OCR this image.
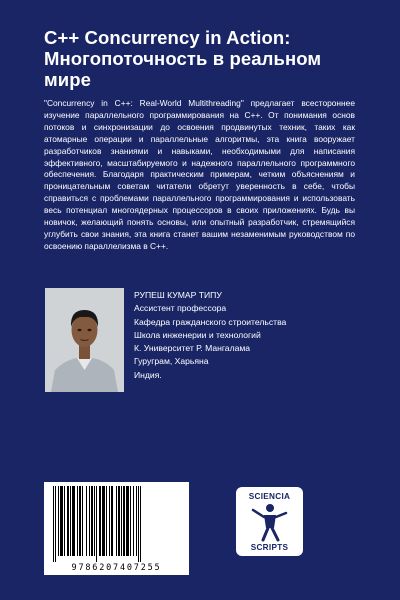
C++ Concurrency in Action: Многопоточность в реальном мире
"Concurrency in C++: Real-World Multithreading" предлагает всестороннее изучение параллельного программирования на C++. От понимания основ потоков и синхронизации до освоения продвинутых техник, таких как атомарные операции и параллельные алгоритмы, эта книга вооружает разработчиков знаниями и навыками, необходимыми для написания эффективного, масштабируемого и надежного параллельного программного обеспечения. Благодаря практическим примерам, четким объяснениям и проницательным советам читатели обретут уверенность в себе, чтобы справиться с проблемами параллельного программирования и использовать весь потенциал многоядерных процессоров в своих приложениях. Будь вы новичок, желающий понять основы, или опытный разработчик, стремящийся углубить свои знания, эта книга станет вашим незаменимым руководством по освоению параллелизма в C++.
РУПЕШ КУМАР ТИПУ
Ассистент профессора
Кафедра гражданского строительства
Школа инженерии и технологий
К. Университет Р. Мангалама
Гуруграм, Харьяна
Индия.
9786207407255
SCIENCIA
SCRIPTS
